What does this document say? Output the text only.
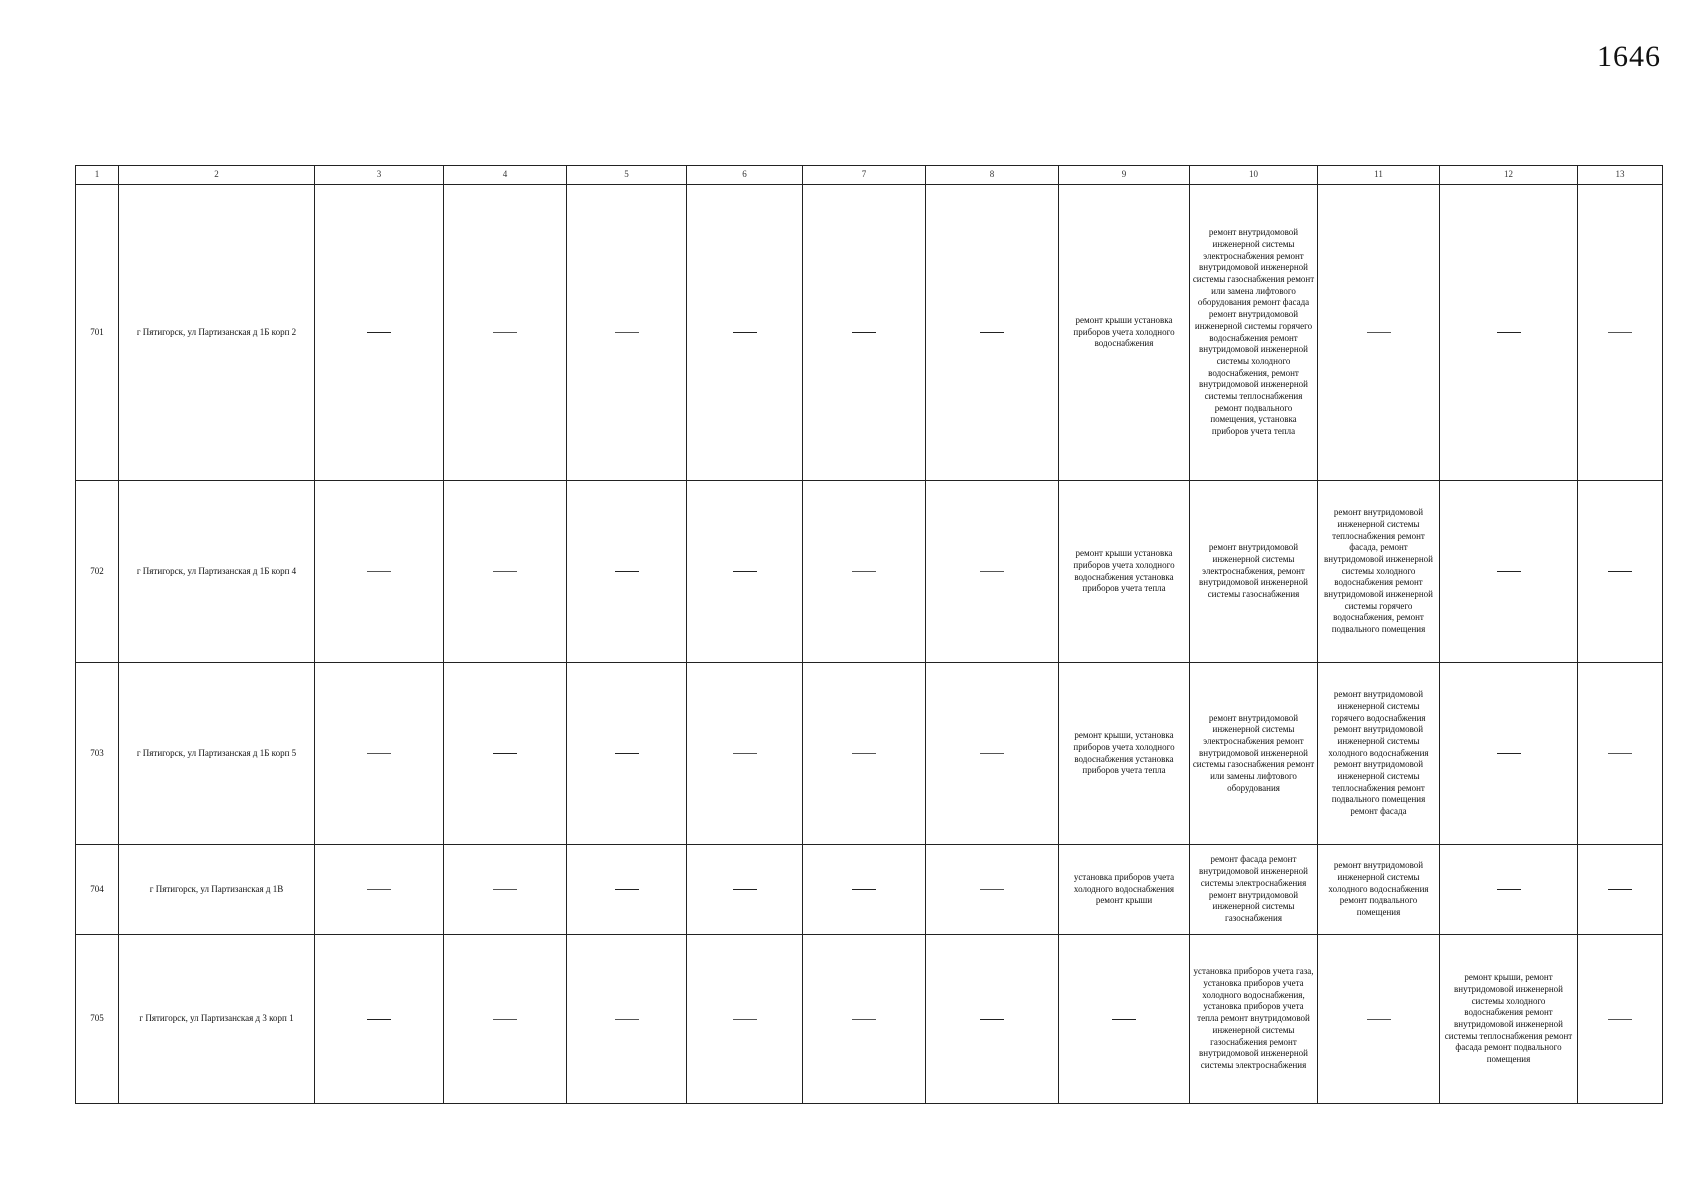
1646
1	2	3	4	5	6	7	8	9	10	11	12	13
701	г Пятигорск, ул Партизанская д 1Б корп 2							ремонт крыши установка приборов учета холодного водоснабжения	ремонт внутридомовой инженерной системы электроснабжения ремонт внутридомовой инженерной системы газоснабжения ремонт или замена лифтового оборудования ремонт фасада ремонт внутридомовой инженерной системы горячего водоснабжения ремонт внутридомовой инженерной системы холодного водоснабжения, ремонт внутридомовой инженерной системы теплоснабжения ремонт подвального помещения, установка приборов учета тепла			
702	г Пятигорск, ул Партизанская д 1Б корп 4							ремонт крыши установка приборов учета холодного водоснабжения установка приборов учета тепла	ремонт внутридомовой инженерной системы электроснабжения, ремонт внутридомовой инженерной системы газоснабжения	ремонт внутридомовой инженерной системы теплоснабжения ремонт фасада, ремонт внутридомовой инженерной системы холодного водоснабжения ремонт внутридомовой инженерной системы горячего водоснабжения, ремонт подвального помещения		
703	г Пятигорск, ул Партизанская д 1Б корп 5							ремонт крыши, установка приборов учета холодного водоснабжения установка приборов учета тепла	ремонт внутридомовой инженерной системы электроснабжения ремонт внутридомовой инженерной системы газоснабжения ремонт или замены лифтового оборудования	ремонт внутридомовой инженерной системы горячего водоснабжения ремонт внутридомовой инженерной системы холодного водоснабжения ремонт внутридомовой инженерной системы теплоснабжения ремонт подвального помещения ремонт фасада		
704	г Пятигорск, ул Партизанская д 1В							установка приборов учета холодного водоснабжения ремонт крыши	ремонт фасада ремонт внутридомовой инженерной системы электроснабжения ремонт внутридомовой инженерной системы газоснабжения	ремонт внутридомовой инженерной системы холодного водоснабжения ремонт подвального помещения		
705	г Пятигорск, ул Партизанская д 3 корп 1								установка приборов учета газа, установка приборов учета холодного водоснабжения, установка приборов учета тепла ремонт внутридомовой инженерной системы газоснабжения ремонт внутридомовой инженерной системы электроснабжения		ремонт крыши, ремонт внутридомовой инженерной системы холодного водоснабжения ремонт внутридомовой инженерной системы теплоснабжения ремонт фасада ремонт подвального помещения	
